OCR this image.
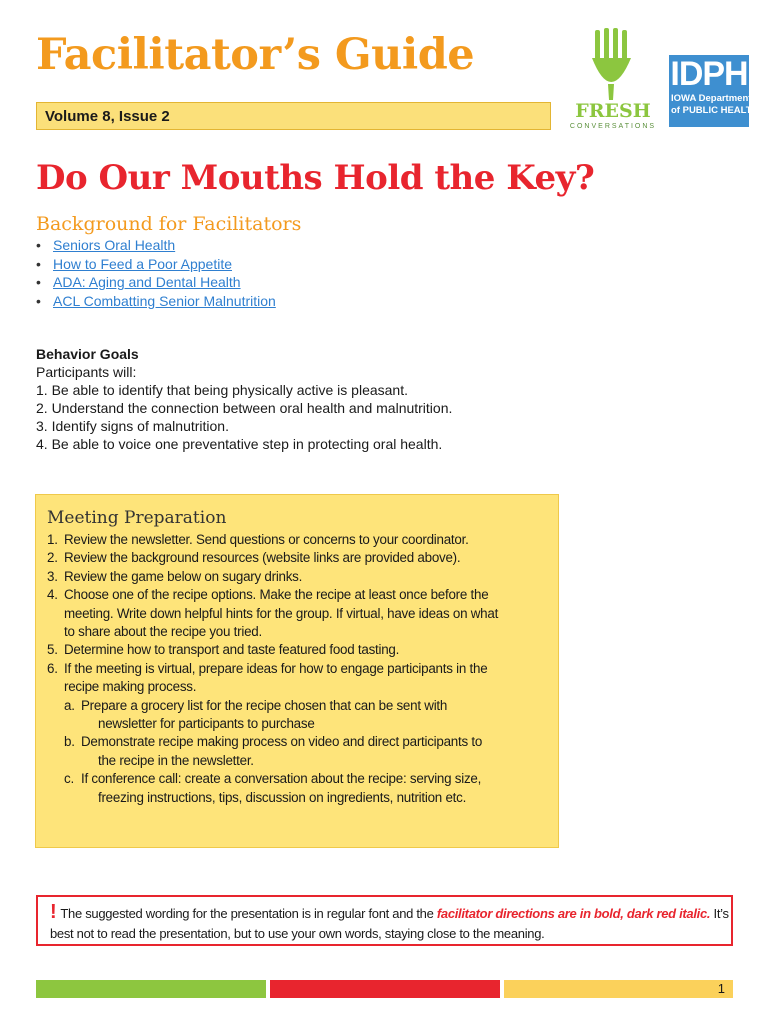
Facilitator’s Guide
Volume 8, Issue 2	FRESH
CONVERSATIONS
IDPH
IOWA Department
of PUBLIC HEALTH
Do Our Mouths Hold the Key?
Background for Facilitators
• Seniors Oral Health
• How to Feed a Poor Appetite
• ADA: Aging and Dental Health
• ACL Combatting Senior Malnutrition
Behavior Goals
Participants will:
1. Be able to identify that being physically active is pleasant.
2. Understand the connection between oral health and malnutrition.
3. Identify signs of malnutrition.
4. Be able to voice one preventative step in protecting oral health.
Meeting Preparation
1. Review the newsletter. Send questions or concerns to your coordinator.
2. Review the background resources (website links are provided above).
3. Review the game below on sugary drinks.
4. Choose one of the recipe options. Make the recipe at least once before the
meeting. Write down helpful hints for the group. If virtual, have ideas on what
to share about the recipe you tried.
5. Determine how to transport and taste featured food tasting.
6. If the meeting is virtual, prepare ideas for how to engage participants in the
recipe making process.
a. Prepare a grocery list for the recipe chosen that can be sent with
newsletter for participants to purchase
b. Demonstrate recipe making process on video and direct participants to
the recipe in the newsletter.
c. If conference call: create a conversation about the recipe: serving size,
freezing instructions, tips, discussion on ingredients, nutrition etc.
! The suggested wording for the presentation is in regular font and the facilitator directions are in bold, dark red italic. It’s best not to read the presentation, but to use your own words, staying close to the meaning.
1
